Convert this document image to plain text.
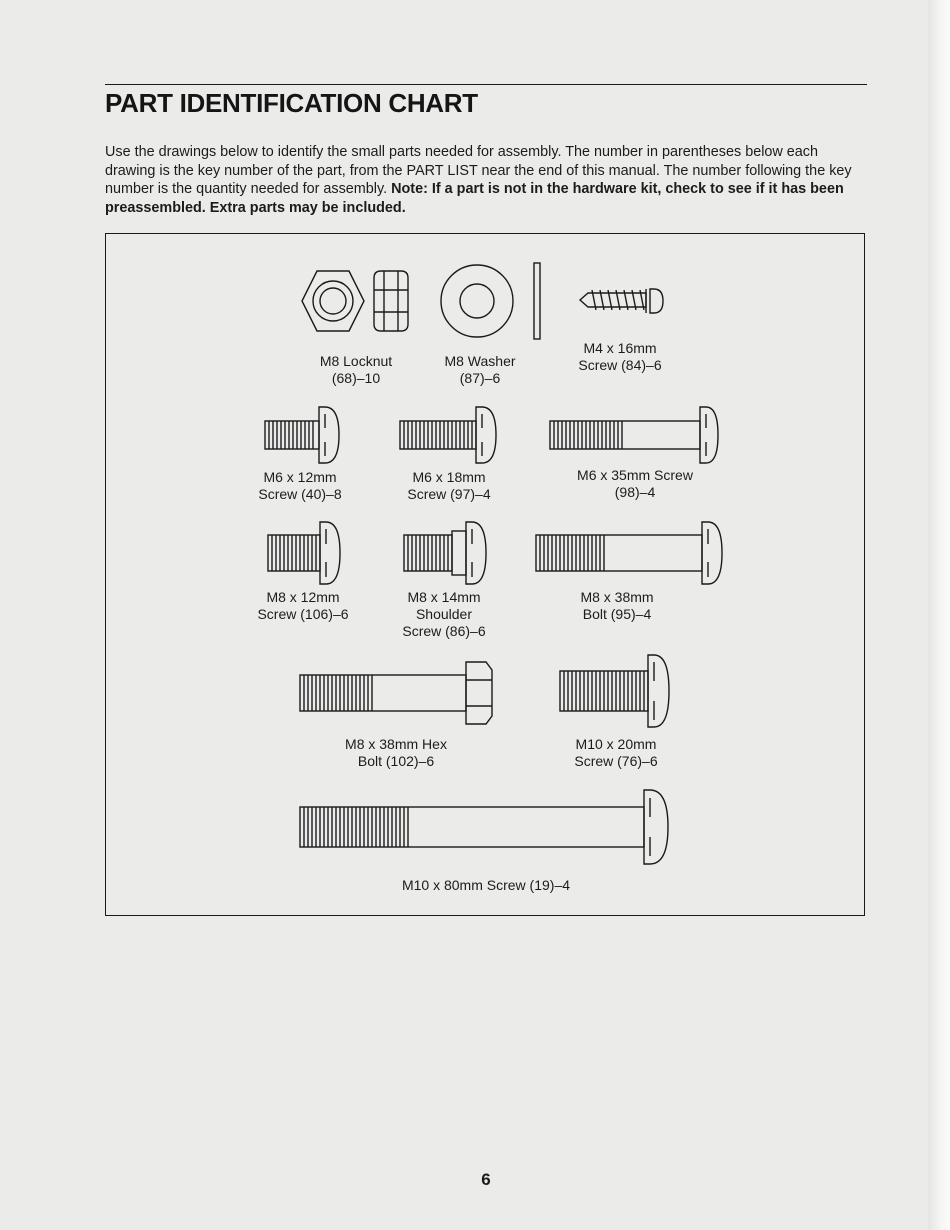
PART IDENTIFICATION CHART

Use the drawings below to identify the small parts needed for assembly. The number in parentheses below each drawing is the key number of the part, from the PART LIST near the end of this manual. The number following the key number is the quantity needed for assembly. Note: If a part is not in the hardware kit, check to see if it has been preassembled. Extra parts may be included.

M8 Locknut
(68)–10
M8 Washer
(87)–6
M4 x 16mm
Screw (84)–6
M6 x 12mm
Screw (40)–8
M6 x 18mm
Screw (97)–4
M6 x 35mm Screw
(98)–4
M8 x 12mm
Screw (106)–6
M8 x 14mm
Shoulder
Screw (86)–6
M8 x 38mm
Bolt (95)–4
M8 x 38mm Hex
Bolt (102)–6
M10 x 20mm
Screw (76)–6
M10 x 80mm Screw (19)–4
6
